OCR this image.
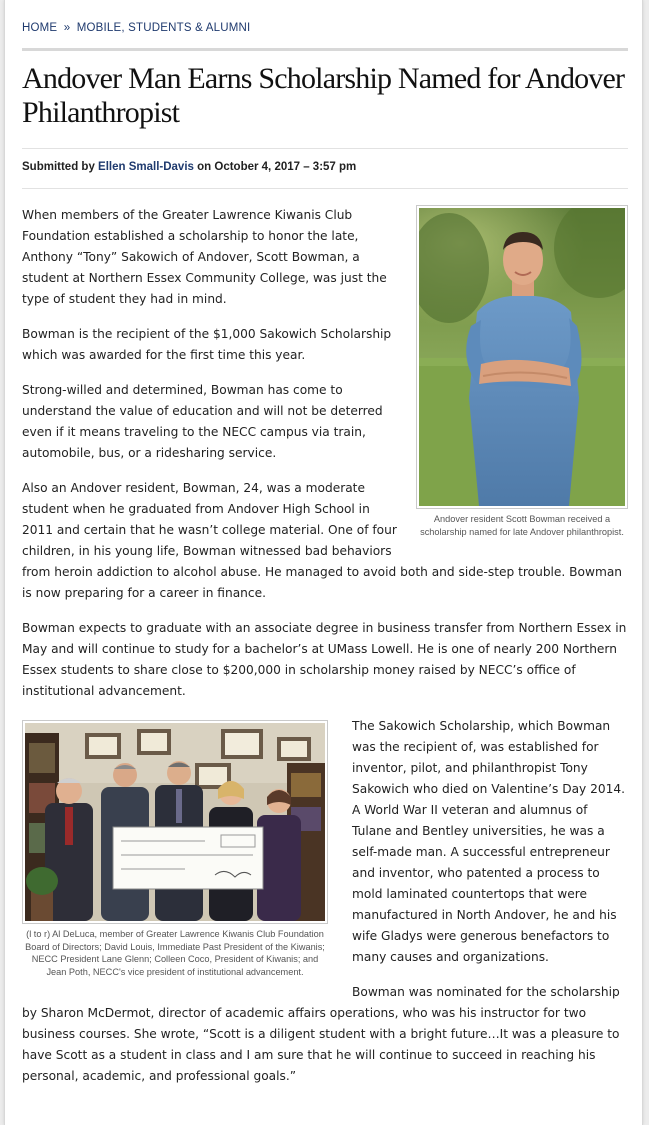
HOME » MOBILE, STUDENTS & ALUMNI
Andover Man Earns Scholarship Named for Andover Philanthropist
Submitted by Ellen Small-Davis on October 4, 2017 – 3:57 pm
Andover resident Scott Bowman received a scholarship named for late Andover philanthropist.

When members of the Greater Lawrence Kiwanis Club Foundation established a scholarship to honor the late, Anthony “Tony” Sakowich of Andover, Scott Bowman, a student at Northern Essex Community College, was just the type of student they had in mind.

Bowman is the recipient of the $1,000 Sakowich Scholarship which was awarded for the first time this year.

Strong-willed and determined, Bowman has come to understand the value of education and will not be deterred even if it means traveling to the NECC campus via train, automobile, bus, or a ridesharing service.

Also an Andover resident, Bowman, 24, was a moderate student when he graduated from Andover High School in 2011 and certain that he wasn’t college material. One of four children, in his young life, Bowman witnessed bad behaviors from heroin addiction to alcohol abuse. He managed to avoid both and side-step trouble. Bowman is now preparing for a career in finance.

Bowman expects to graduate with an associate degree in business transfer from Northern Essex in May and will continue to study for a bachelor’s at UMass Lowell. He is one of nearly 200 Northern Essex students to share close to $200,000 in scholarship money raised by NECC’s office of institutional advancement.

(l to r) Al DeLuca, member of Greater Lawrence Kiwanis Club Foundation Board of Directors; David Louis, Immediate Past President of the Kiwanis; NECC President Lane Glenn; Colleen Coco, President of Kiwanis; and Jean Poth, NECC's vice president of institutional advancement.

The Sakowich Scholarship, which Bowman was the recipient of, was established for inventor, pilot, and philanthropist Tony Sakowich who died on Valentine’s Day 2014. A World War II veteran and alumnus of Tulane and Bentley universities, he was a self-made man. A successful entrepreneur and inventor, who patented a process to mold laminated countertops that were manufactured in North Andover, he and his wife Gladys were generous benefactors to many causes and organizations.

Bowman was nominated for the scholarship by Sharon McDermot, director of academic affairs operations, who was his instructor for two business courses. She wrote, “Scott is a diligent student with a bright future…It was a pleasure to have Scott as a student in class and I am sure that he will continue to succeed in reaching his personal, academic, and professional goals.”
